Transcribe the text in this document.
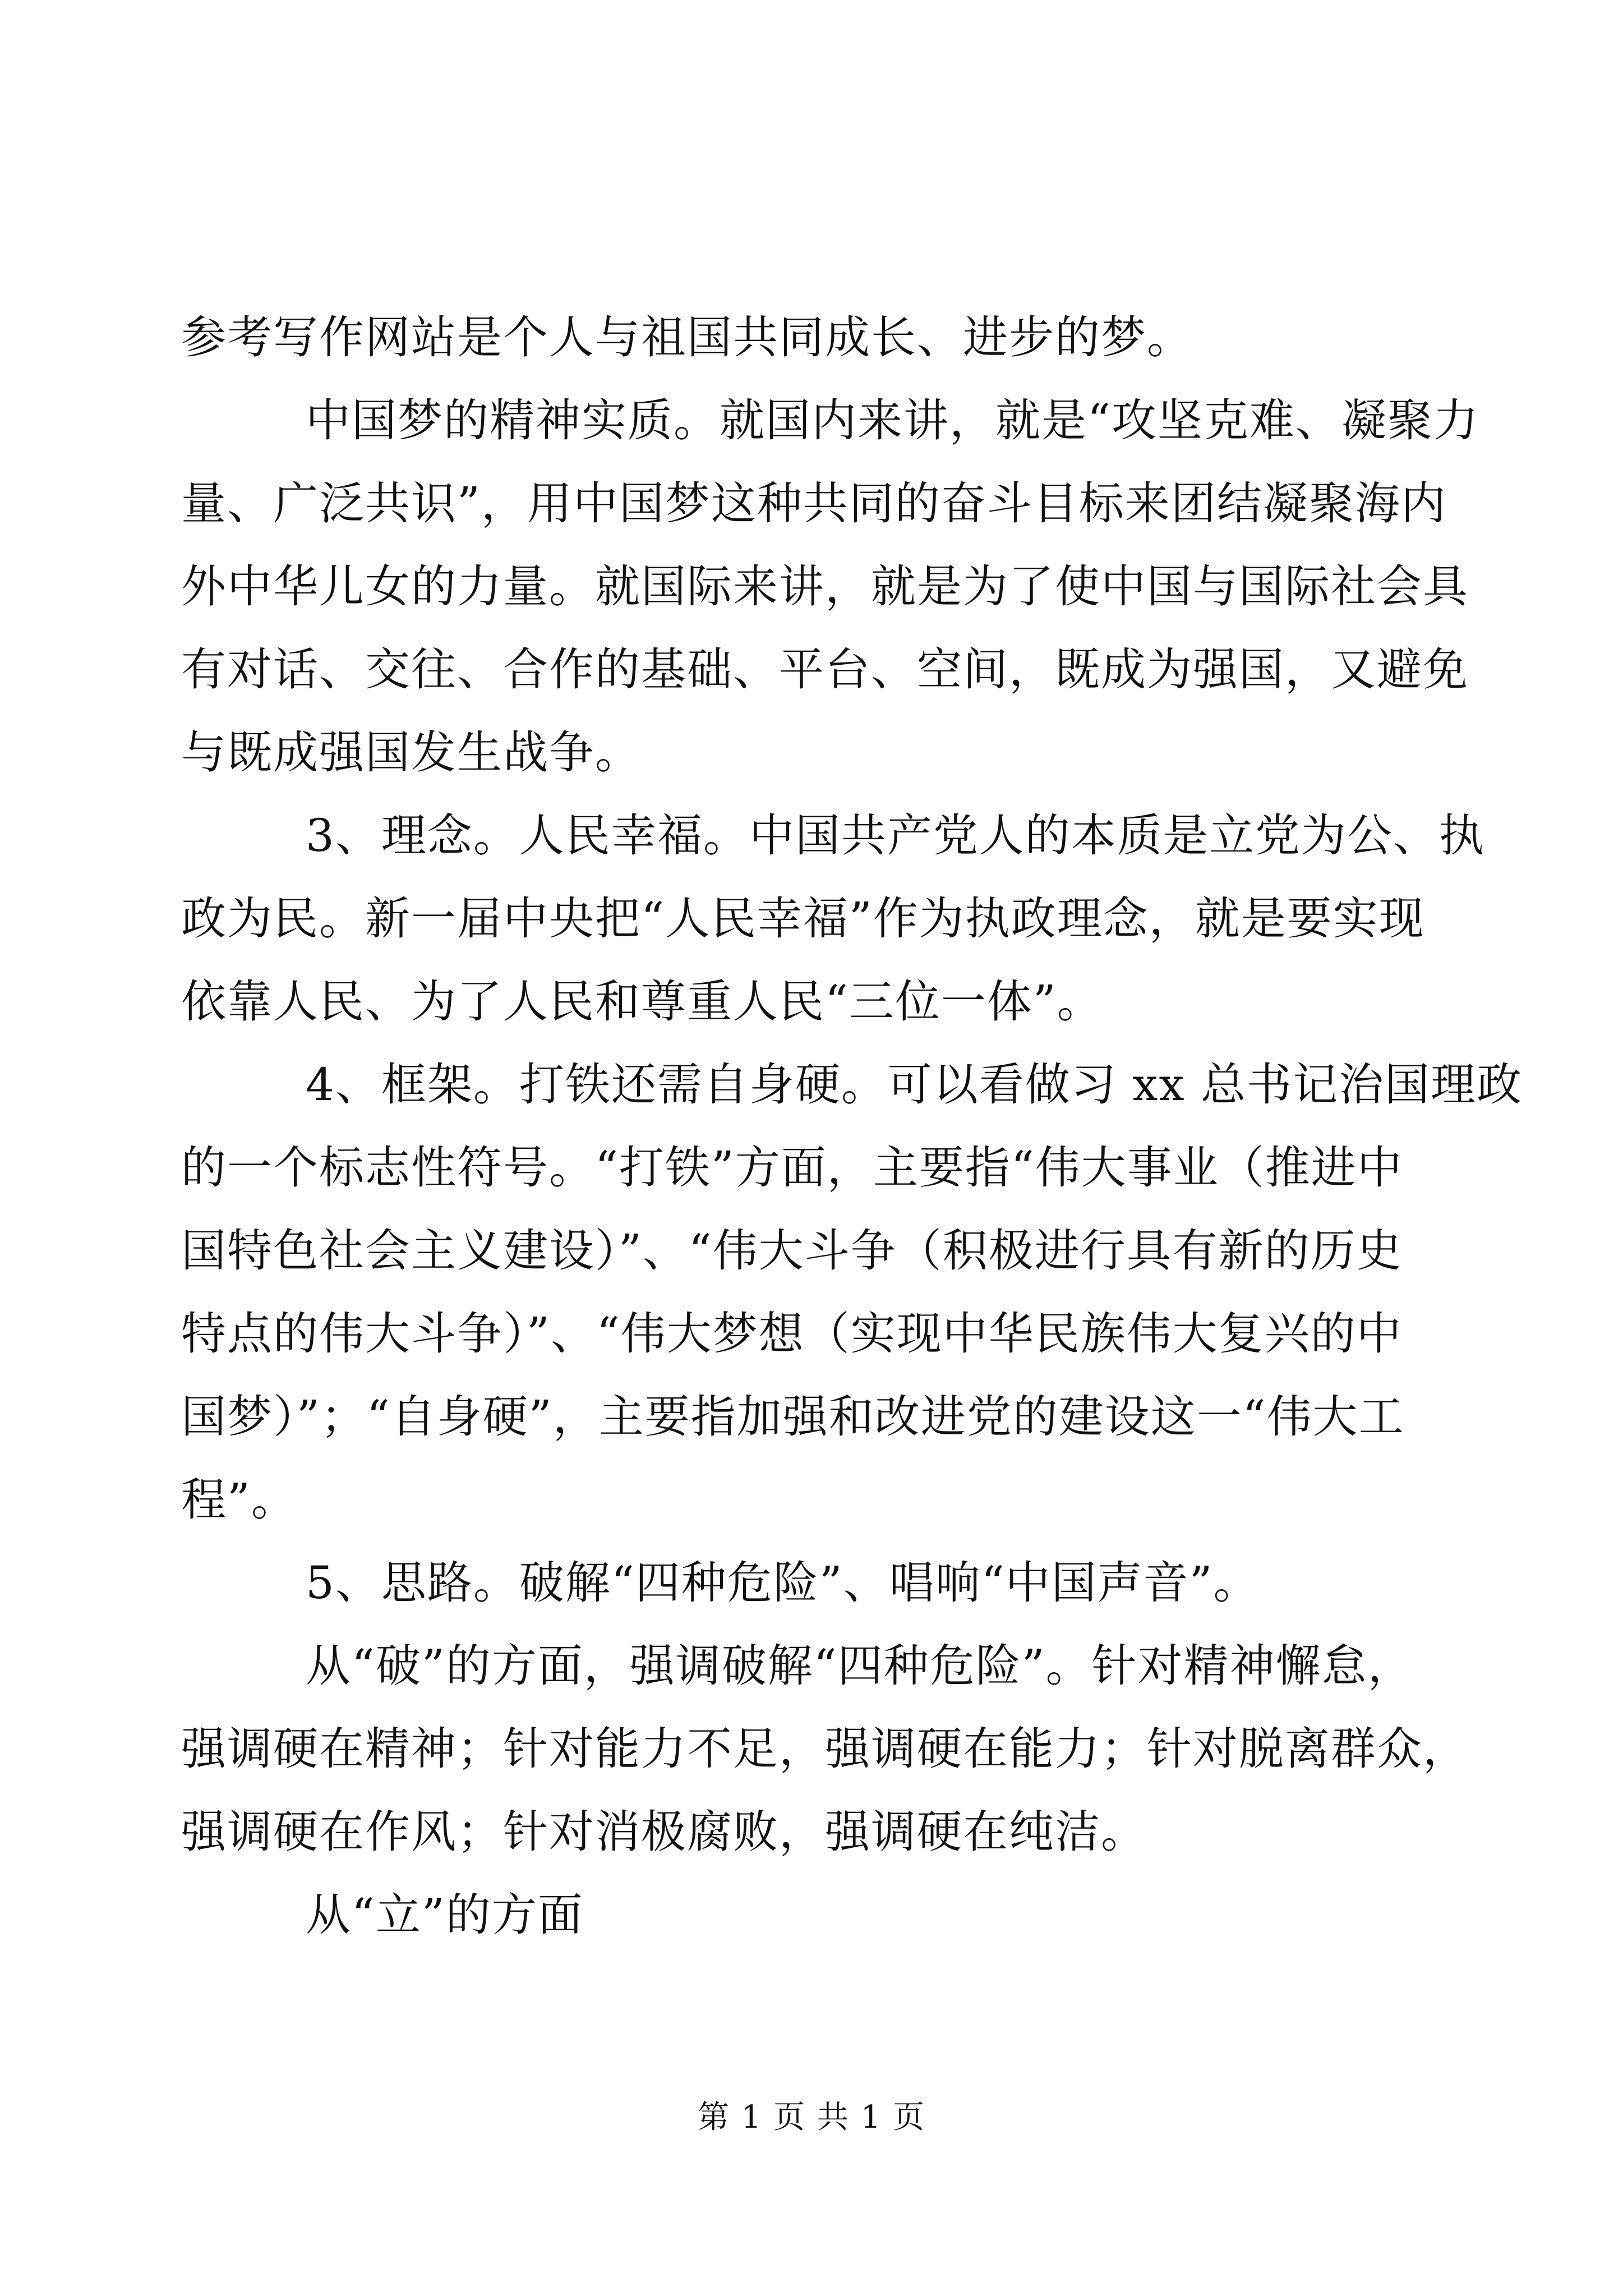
参考写作网站是个人与祖国共同成长、进步的梦。
中国梦的精神实质。就国内来讲，就是“攻坚克难、凝聚力
量、广泛共识”，用中国梦这种共同的奋斗目标来团结凝聚海内
外中华儿女的力量。就国际来讲，就是为了使中国与国际社会具
有对话、交往、合作的基础、平台、空间，既成为强国，又避免
与既成强国发生战争。
3、理念。人民幸福。中国共产党人的本质是立党为公、执
政为民。新一届中央把“人民幸福”作为执政理念，就是要实现
依靠人民、为了人民和尊重人民“三位一体”。
4、框架。打铁还需自身硬。可以看做习 xx 总书记治国理政
的一个标志性符号。“打铁”方面，主要指“伟大事业（推进中
国特色社会主义建设）”、“伟大斗争（积极进行具有新的历史
特点的伟大斗争）”、“伟大梦想（实现中华民族伟大复兴的中
国梦）”；“自身硬”，主要指加强和改进党的建设这一“伟大工
程”。
5、思路。破解“四种危险”、唱响“中国声音”。
从“破”的方面，强调破解“四种危险”。针对精神懈怠，
强调硬在精神；针对能力不足，强调硬在能力；针对脱离群众，
强调硬在作风；针对消极腐败，强调硬在纯洁。
从“立”的方面
第 1 页 共 1 页
